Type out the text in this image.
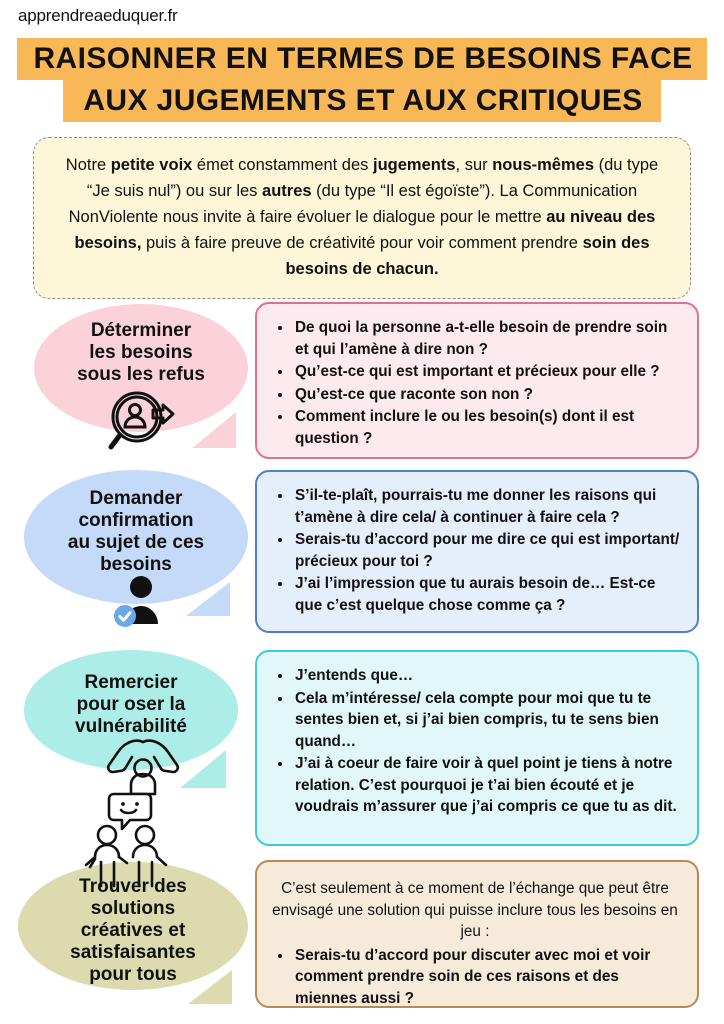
apprendreaeduquer.fr
RAISONNER EN TERMES DE BESOINS FACE
AUX JUGEMENTS ET AUX CRITIQUES
Notre petite voix émet constamment des jugements, sur nous-mêmes (du type “Je suis nul”) ou sur les autres (du type “Il est égoïste”). La Communication NonViolente nous invite à faire évoluer le dialogue pour le mettre au niveau des besoins, puis à faire preuve de créativité pour voir comment prendre soin des besoins de chacun.
Déterminer
les besoins
sous les refus
• De quoi la personne a-t-elle besoin de prendre soin et qui l’amène à dire non ?
• Qu’est-ce qui est important et précieux pour elle ?
• Qu’est-ce que raconte son non ?
• Comment inclure le ou les besoin(s) dont il est question ?
Demander
confirmation
au sujet de ces
besoins
• S’il-te-plaît, pourrais-tu me donner les raisons qui t’amène à dire cela/ à continuer à faire cela ?
• Serais-tu d’accord pour me dire ce qui est important/ précieux pour toi ?
• J’ai l’impression que tu aurais besoin de… Est-ce que c’est quelque chose comme ça ?
Remercier
pour oser la
vulnérabilité
• J’entends que…
• Cela m’intéresse/ cela compte pour moi que tu te sentes bien et, si j’ai bien compris, tu te sens bien quand…
• J’ai à coeur de faire voir à quel point je tiens à notre relation. C’est pourquoi je t’ai bien écouté et je voudrais m’assurer que j’ai compris ce que tu as dit.
Trouver des
solutions
créatives et
satisfaisantes
pour tous

C’est seulement à ce moment de l’échange que peut être envisagé une solution qui puisse inclure tous les besoins en jeu :

• Serais-tu d’accord pour discuter avec moi et voir comment prendre soin de ces raisons et des miennes aussi ?
